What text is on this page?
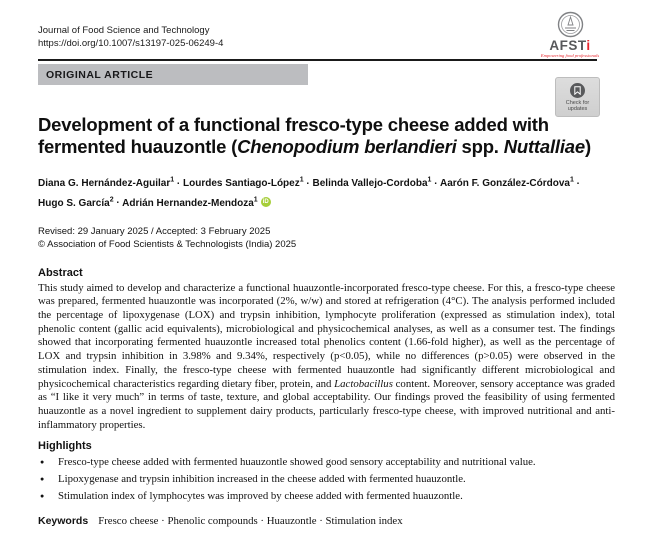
AFSTi
Empowering food professionals
Journal of Food Science and Technology
https://doi.org/10.1007/s13197-025-06249-4
ORIGINAL ARTICLE
Development of a functional fresco-type cheese added with
fermented huauzontle (Chenopodium berlandieri spp. Nuttalliae)
Diana G. Hernández-Aguilar$^1$ · Lourdes Santiago-López$^1$ · Belinda Vallejo-Cordoba$^1$ · Aarón F. González-Córdova$^1$ ·
Hugo S. García$^2$ · Adrián Hernandez-Mendoza$^1$ iD
Revised: 29 January 2025 / Accepted: 3 February 2025
© Association of Food Scientists & Technologists (India) 2025
Abstract
This study aimed to develop and characterize a functional huauzontle-incorporated fresco-type cheese. For this, a fresco-type cheese was prepared, fermented huauzontle was incorporated (2%, w/w) and stored at refrigeration (4°C). The analysis performed included the percentage of lipoxygenase (LOX) and trypsin inhibition, lymphocyte proliferation (expressed as stimulation index), total phenolic content (gallic acid equivalents), microbiological and physicochemical analyses, as well as a consumer test. The findings showed that incorporating fermented huauzontle increased total phenolics content (1.66-fold higher), as well as the percentage of LOX and trypsin inhibition in 3.98% and 9.34%, respectively (p<0.05), while no differences (p>0.05) were observed in the stimulation index. Finally, the fresco-type cheese with fermented huauzontle had significantly different microbiological and physicochemical characteristics regarding dietary fiber, protein, and Lactobacillus content. Moreover, sensory acceptance was graded as “I like it very much” in terms of taste, texture, and global acceptability. Our findings proved the feasibility of using fermented huauzontle as a novel ingredient to supplement dairy products, particularly fresco-type cheese, with improved nutritional and anti-inflammatory properties.
Highlights
●	Fresco-type cheese added with fermented huauzontle showed good sensory acceptability and nutritional value.
●	Lipoxygenase and trypsin inhibition increased in the cheese added with fermented huauzontle.
●	Stimulation index of lymphocytes was improved by cheese added with fermented huauzontle.
Keywords Fresco cheese · Phenolic compounds · Huauzontle · Stimulation index
Check for
updates
